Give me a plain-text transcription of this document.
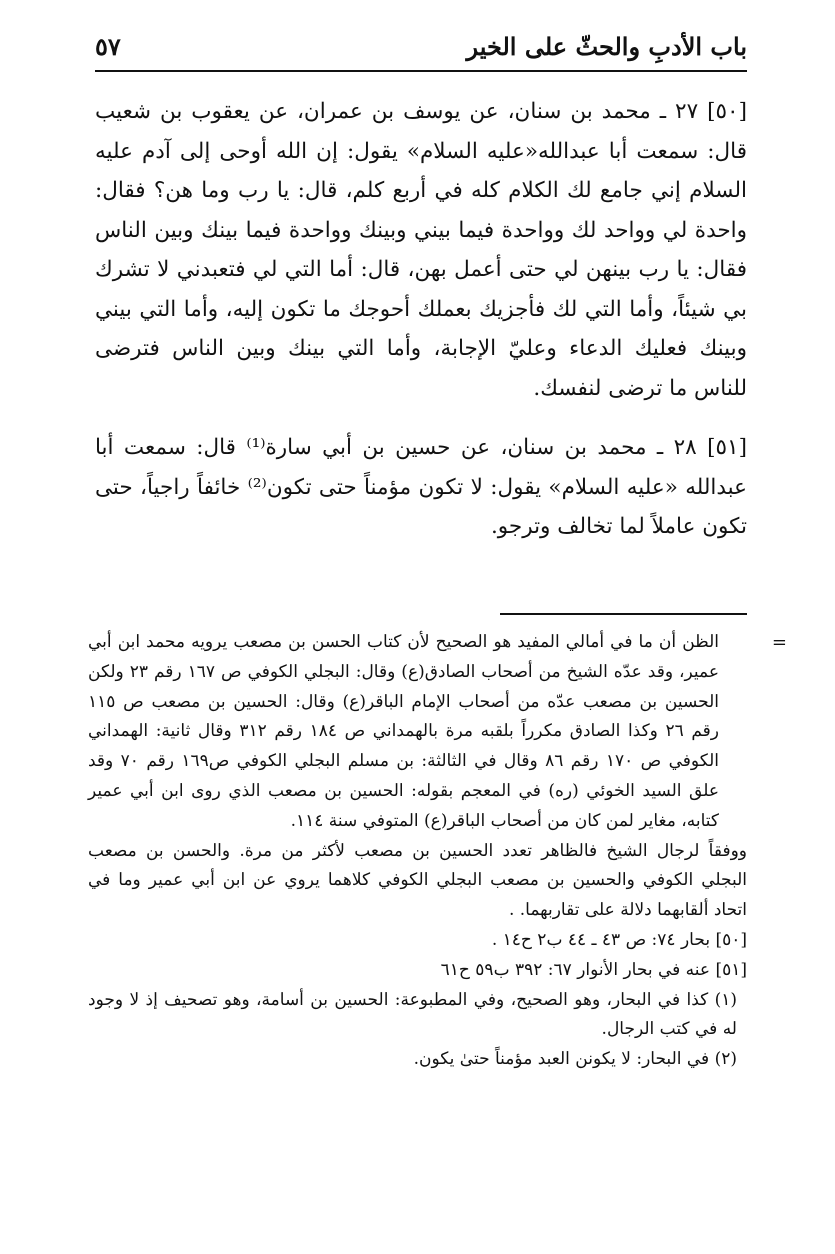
باب الأدبِ والحثّ على الخير
٥٧

[٥٠] ٢٧ ـ محمد بن سنان، عن يوسف بن عمران، عن يعقوب بن شعيب قال: سمعت أبا عبدالله«عليه السلام» يقول: إن الله أوحى إلى آدم عليه السلام إني جامع لك الكلام كله في أربع كلم، قال: يا رب وما هن؟ فقال: واحدة لي وواحد لك وواحدة فيما بيني وبينك وواحدة فيما بينك وبين الناس فقال: يا رب بينهن لي حتى أعمل بهن، قال: أما التي لي فتعبدني لا تشرك بي شيئاً، وأما التي لك فأجزيك بعملك أحوجك ما تكون إليه، وأما التي بيني وبينك فعليك الدعاء وعليّ الإجابة، وأما التي بينك وبين الناس فترضى للناس ما ترضى لنفسك.

[٥١] ٢٨ ـ محمد بن سنان، عن حسين بن أبي سارة⁽¹⁾ قال: سمعت أبا عبدالله «عليه السلام» يقول: لا تكون مؤمناً حتى تكون⁽²⁾ خائفاً راجياً، حتى تكون عاملاً لما تخالف وترجو.

=
الظن أن ما في أمالي المفيد هو الصحيح لأن كتاب الحسن بن مصعب يرويه محمد ابن أبي عمير، وقد عدّه الشيخ من أصحاب الصادق(ع) وقال: البجلي الكوفي ص ١٦٧ رقم ٢٣ ولكن الحسين بن مصعب عدّه من أصحاب الإمام الباقر(ع) وقال: الحسين بن مصعب ص ١١٥ رقم ٢٦ وكذا الصادق مكرراً بلقبه مرة بالهمداني ص ١٨٤ رقم ٣١٢ وقال ثانية: الهمداني الكوفي ص ١٧٠ رقم ٨٦ وقال في الثالثة: بن مسلم البجلي الكوفي ص١٦٩ رقم ٧٠ وقد علق السيد الخوئي (ره) في المعجم بقوله: الحسين بن مصعب الذي روى ابن أبي عمير كتابه، مغاير لمن كان من أصحاب الباقر(ع) المتوفي سنة ١١٤.

ووفقاً لرجال الشيخ فالظاهر تعدد الحسين بن مصعب لأكثر من مرة. والحسن بن مصعب البجلي الكوفي والحسين بن مصعب البجلي الكوفي كلاهما يروي عن ابن أبي عمير وما في اتحاد ألقابهما دلالة على تقاربهما. .

[٥٠] بحار ٧٤: ص ٤٣ ـ ٤٤ ب٢ ح١٤ .

[٥١] عنه في بحار الأنوار ٦٧: ٣٩٢ ب٥٩ ح٦١

(١) كذا في البحار، وهو الصحيح، وفي المطبوعة: الحسين بن أسامة، وهو تصحيف إذ لا وجود له في كتب الرجال.

(٢) في البحار: لا يكونن العبد مؤمناً حتىٰ يكون.
